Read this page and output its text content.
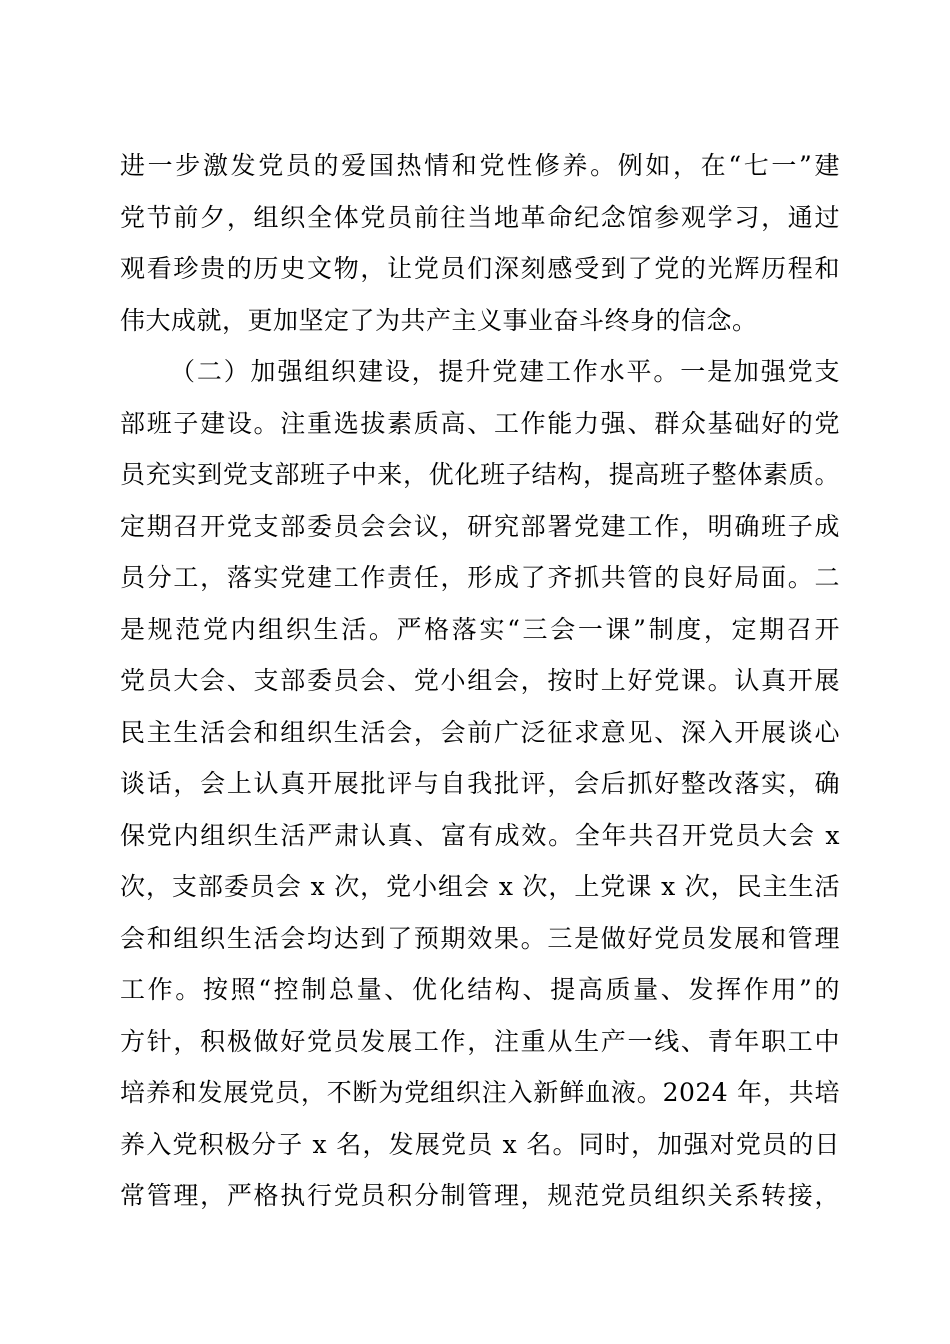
进一步激发党员的爱国热情和党性修养。例如，在“七一”建
党节前夕，组织全体党员前往当地革命纪念馆参观学习，通过
观看珍贵的历史文物，让党员们深刻感受到了党的光辉历程和
伟大成就，更加坚定了为共产主义事业奋斗终身的信念。
（二）加强组织建设，提升党建工作水平。一是加强党支
部班子建设。注重选拔素质高、工作能力强、群众基础好的党
员充实到党支部班子中来，优化班子结构，提高班子整体素质。
定期召开党支部委员会会议，研究部署党建工作，明确班子成
员分工，落实党建工作责任，形成了齐抓共管的良好局面。二
是规范党内组织生活。严格落实“三会一课”制度，定期召开
党员大会、支部委员会、党小组会，按时上好党课。认真开展
民主生活会和组织生活会，会前广泛征求意见、深入开展谈心
谈话，会上认真开展批评与自我批评，会后抓好整改落实，确
保党内组织生活严肃认真、富有成效。全年共召开党员大会 x
次，支部委员会 x 次，党小组会 x 次，上党课 x 次，民主生活
会和组织生活会均达到了预期效果。三是做好党员发展和管理
工作。按照“控制总量、优化结构、提高质量、发挥作用”的
方针，积极做好党员发展工作，注重从生产一线、青年职工中
培养和发展党员，不断为党组织注入新鲜血液。2024 年，共培
养入党积极分子 x 名，发展党员 x 名。同时，加强对党员的日
常管理，严格执行党员积分制管理，规范党员组织关系转接，
